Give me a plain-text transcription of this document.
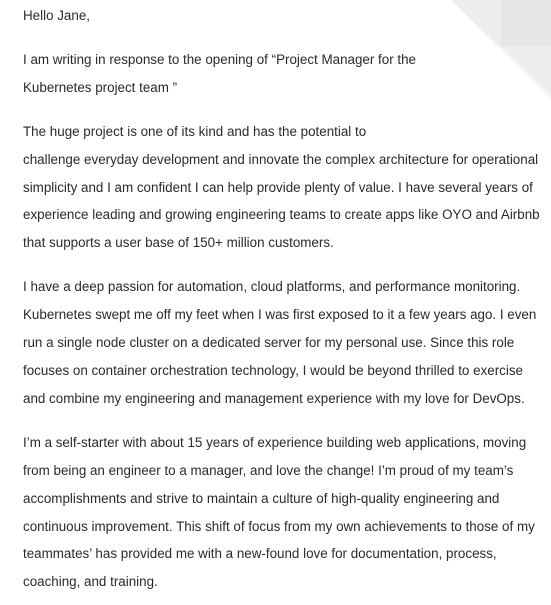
Hello Jane,

I am writing in response to the opening of “Project Manager for the
Kubernetes project team ”

The huge project is one of its kind and has the potential to
challenge everyday development and innovate the complex architecture for operational
simplicity and I am confident I can help provide plenty of value. I have several years of
experience leading and growing engineering teams to create apps like OYO and Airbnb
that supports a user base of 150+ million customers.

I have a deep passion for automation, cloud platforms, and performance monitoring.
Kubernetes swept me off my feet when I was first exposed to it a few years ago. I even
run a single node cluster on a dedicated server for my personal use. Since this role
focuses on container orchestration technology, I would be beyond thrilled to exercise
and combine my engineering and management experience with my love for DevOps.

I’m a self-starter with about 15 years of experience building web applications, moving
from being an engineer to a manager, and love the change! I’m proud of my team’s
accomplishments and strive to maintain a culture of high-quality engineering and
continuous improvement. This shift of focus from my own achievements to those of my
teammates’ has provided me with a new-found love for documentation, process,
coaching, and training.
